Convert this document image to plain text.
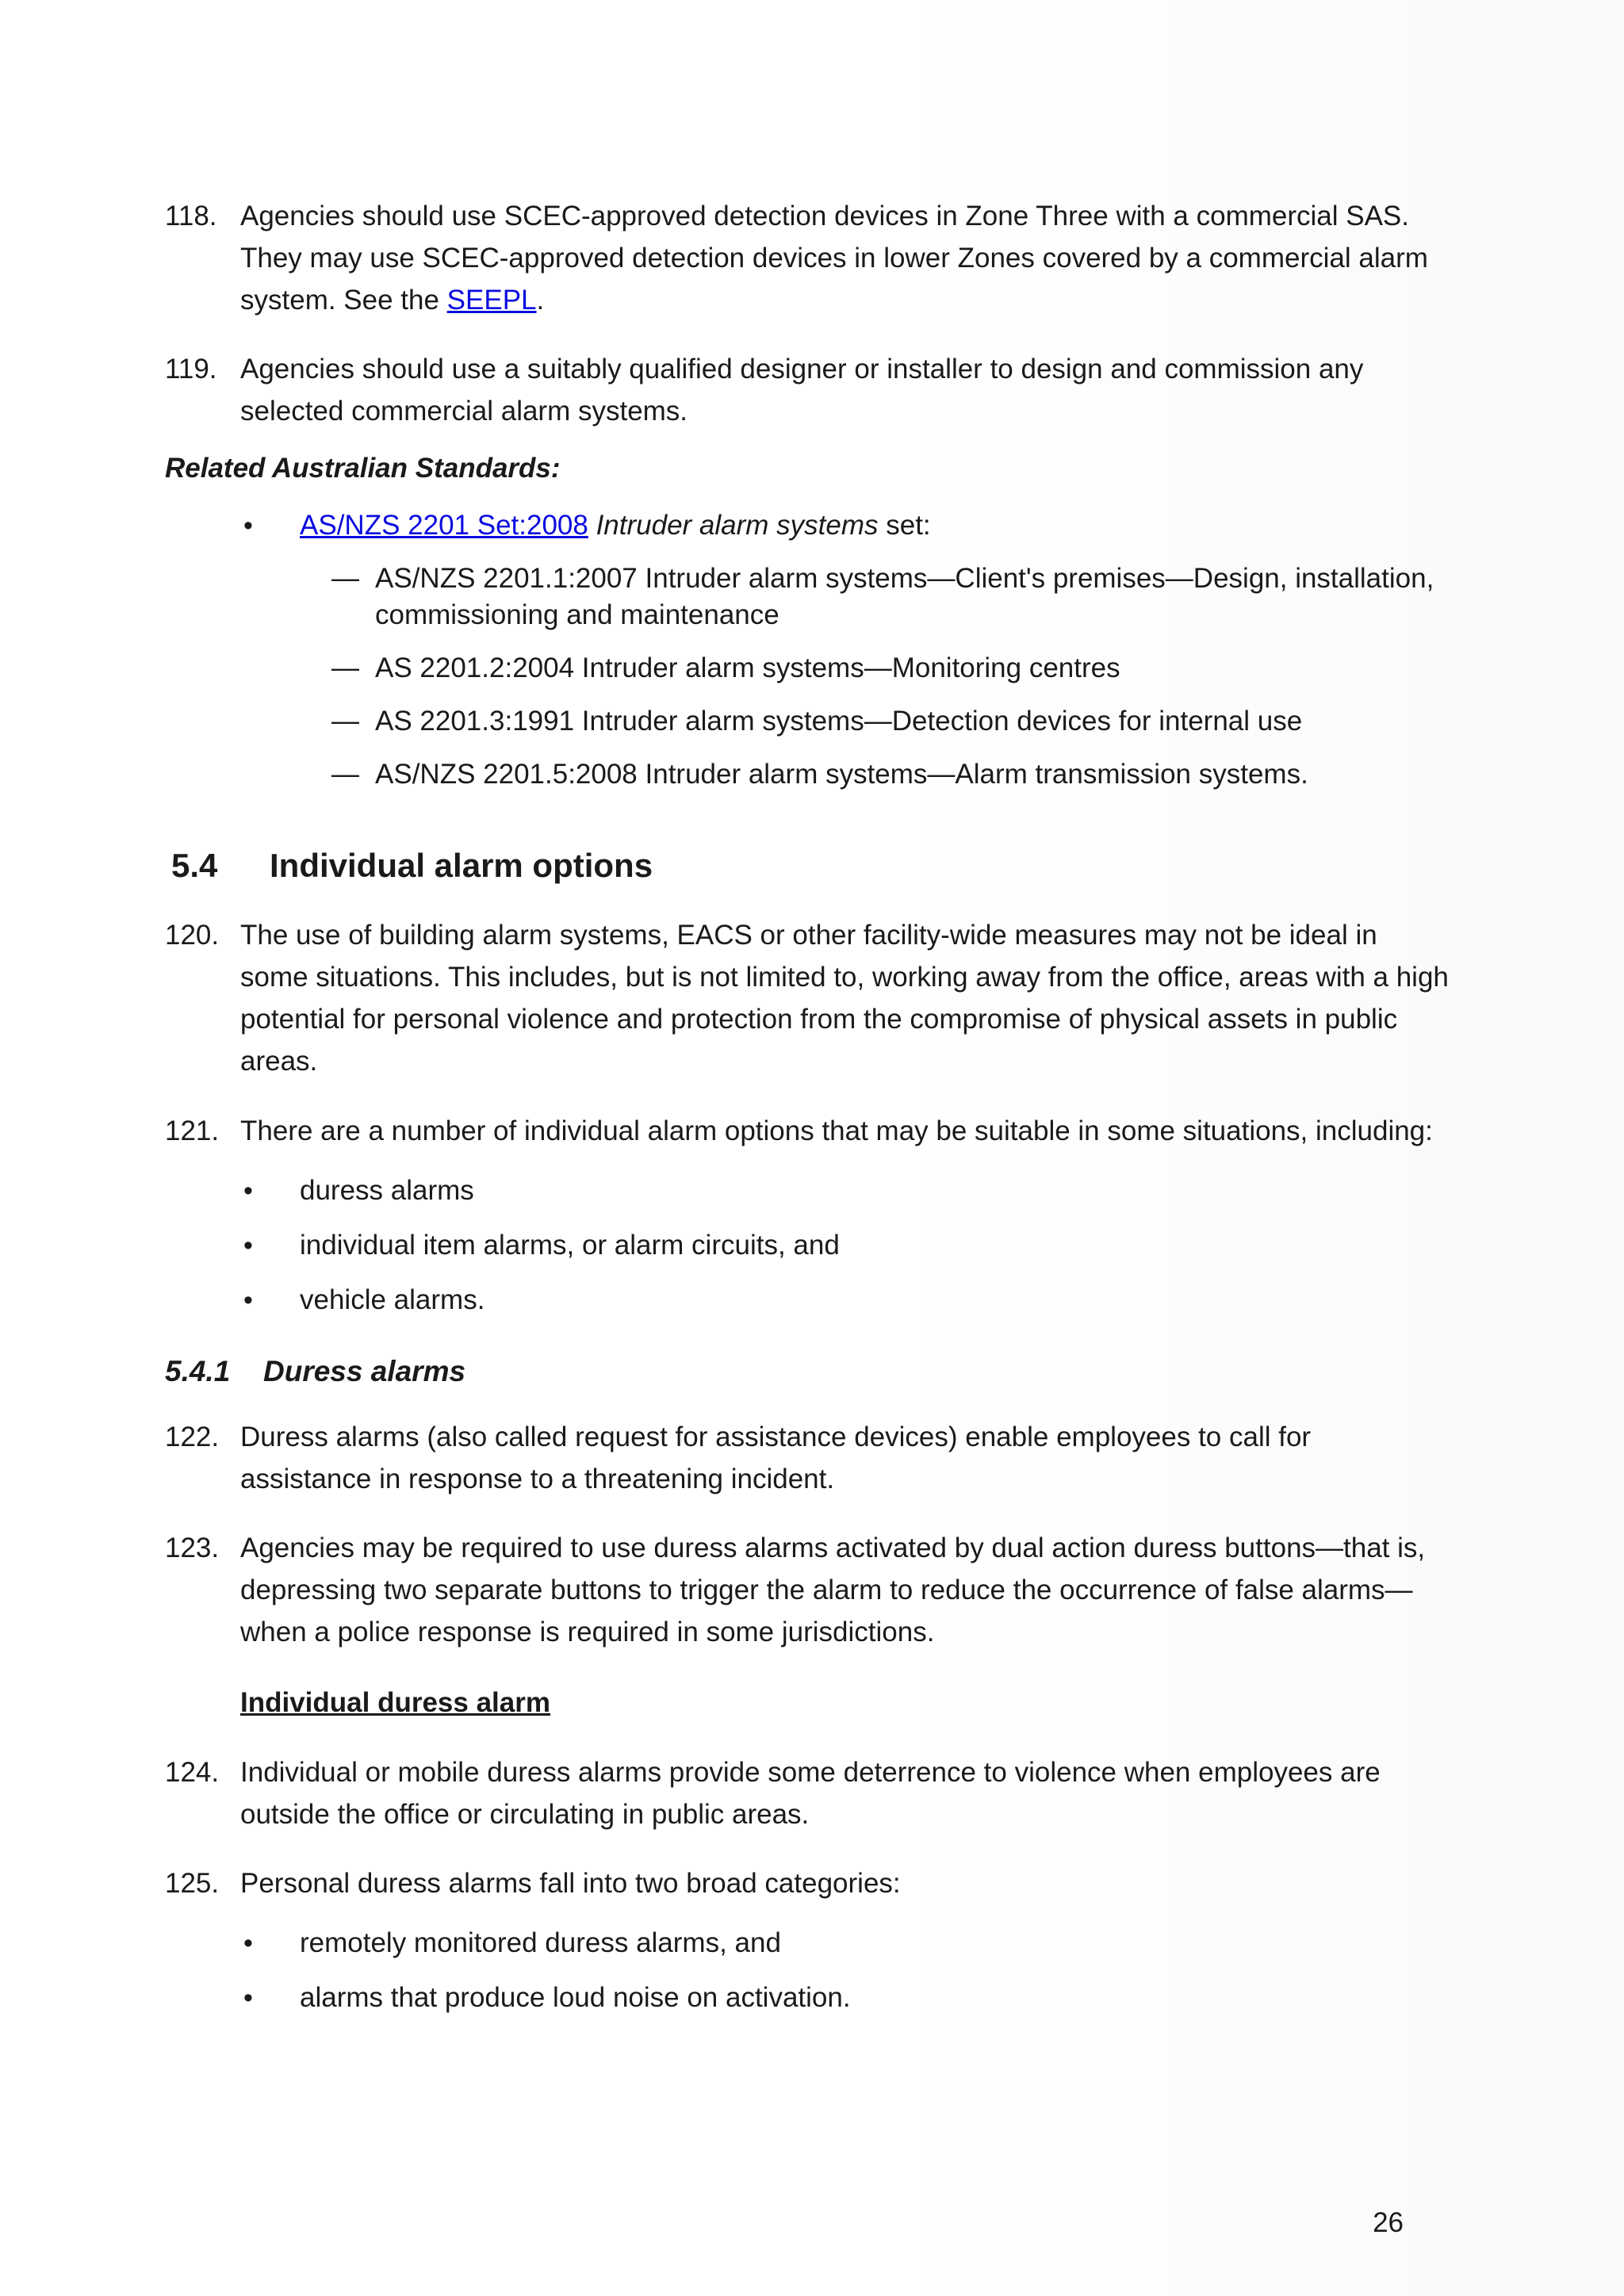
118. Agencies should use SCEC-approved detection devices in Zone Three with a commercial SAS. They may use SCEC-approved detection devices in lower Zones covered by a commercial alarm system. See the SEEPL.

119. Agencies should use a suitably qualified designer or installer to design and commission any selected commercial alarm systems.

Related Australian Standards:

• AS/NZS 2201 Set:2008 Intruder alarm systems set:

— AS/NZS 2201.1:2007 Intruder alarm systems—Client's premises—Design, installation, commissioning and maintenance

— AS 2201.2:2004 Intruder alarm systems—Monitoring centres

— AS 2201.3:1991 Intruder alarm systems—Detection devices for internal use

— AS/NZS 2201.5:2008 Intruder alarm systems—Alarm transmission systems.

5.4 Individual alarm options

120. The use of building alarm systems, EACS or other facility-wide measures may not be ideal in some situations. This includes, but is not limited to, working away from the office, areas with a high potential for personal violence and protection from the compromise of physical assets in public areas.

121. There are a number of individual alarm options that may be suitable in some situations, including:

• duress alarms

• individual item alarms, or alarm circuits, and

• vehicle alarms.

5.4.1 Duress alarms

122. Duress alarms (also called request for assistance devices) enable employees to call for assistance in response to a threatening incident.

123. Agencies may be required to use duress alarms activated by dual action duress buttons—that is, depressing two separate buttons to trigger the alarm to reduce the occurrence of false alarms—when a police response is required in some jurisdictions.

Individual duress alarm

124. Individual or mobile duress alarms provide some deterrence to violence when employees are outside the office or circulating in public areas.

125. Personal duress alarms fall into two broad categories:

• remotely monitored duress alarms, and

• alarms that produce loud noise on activation.

26
